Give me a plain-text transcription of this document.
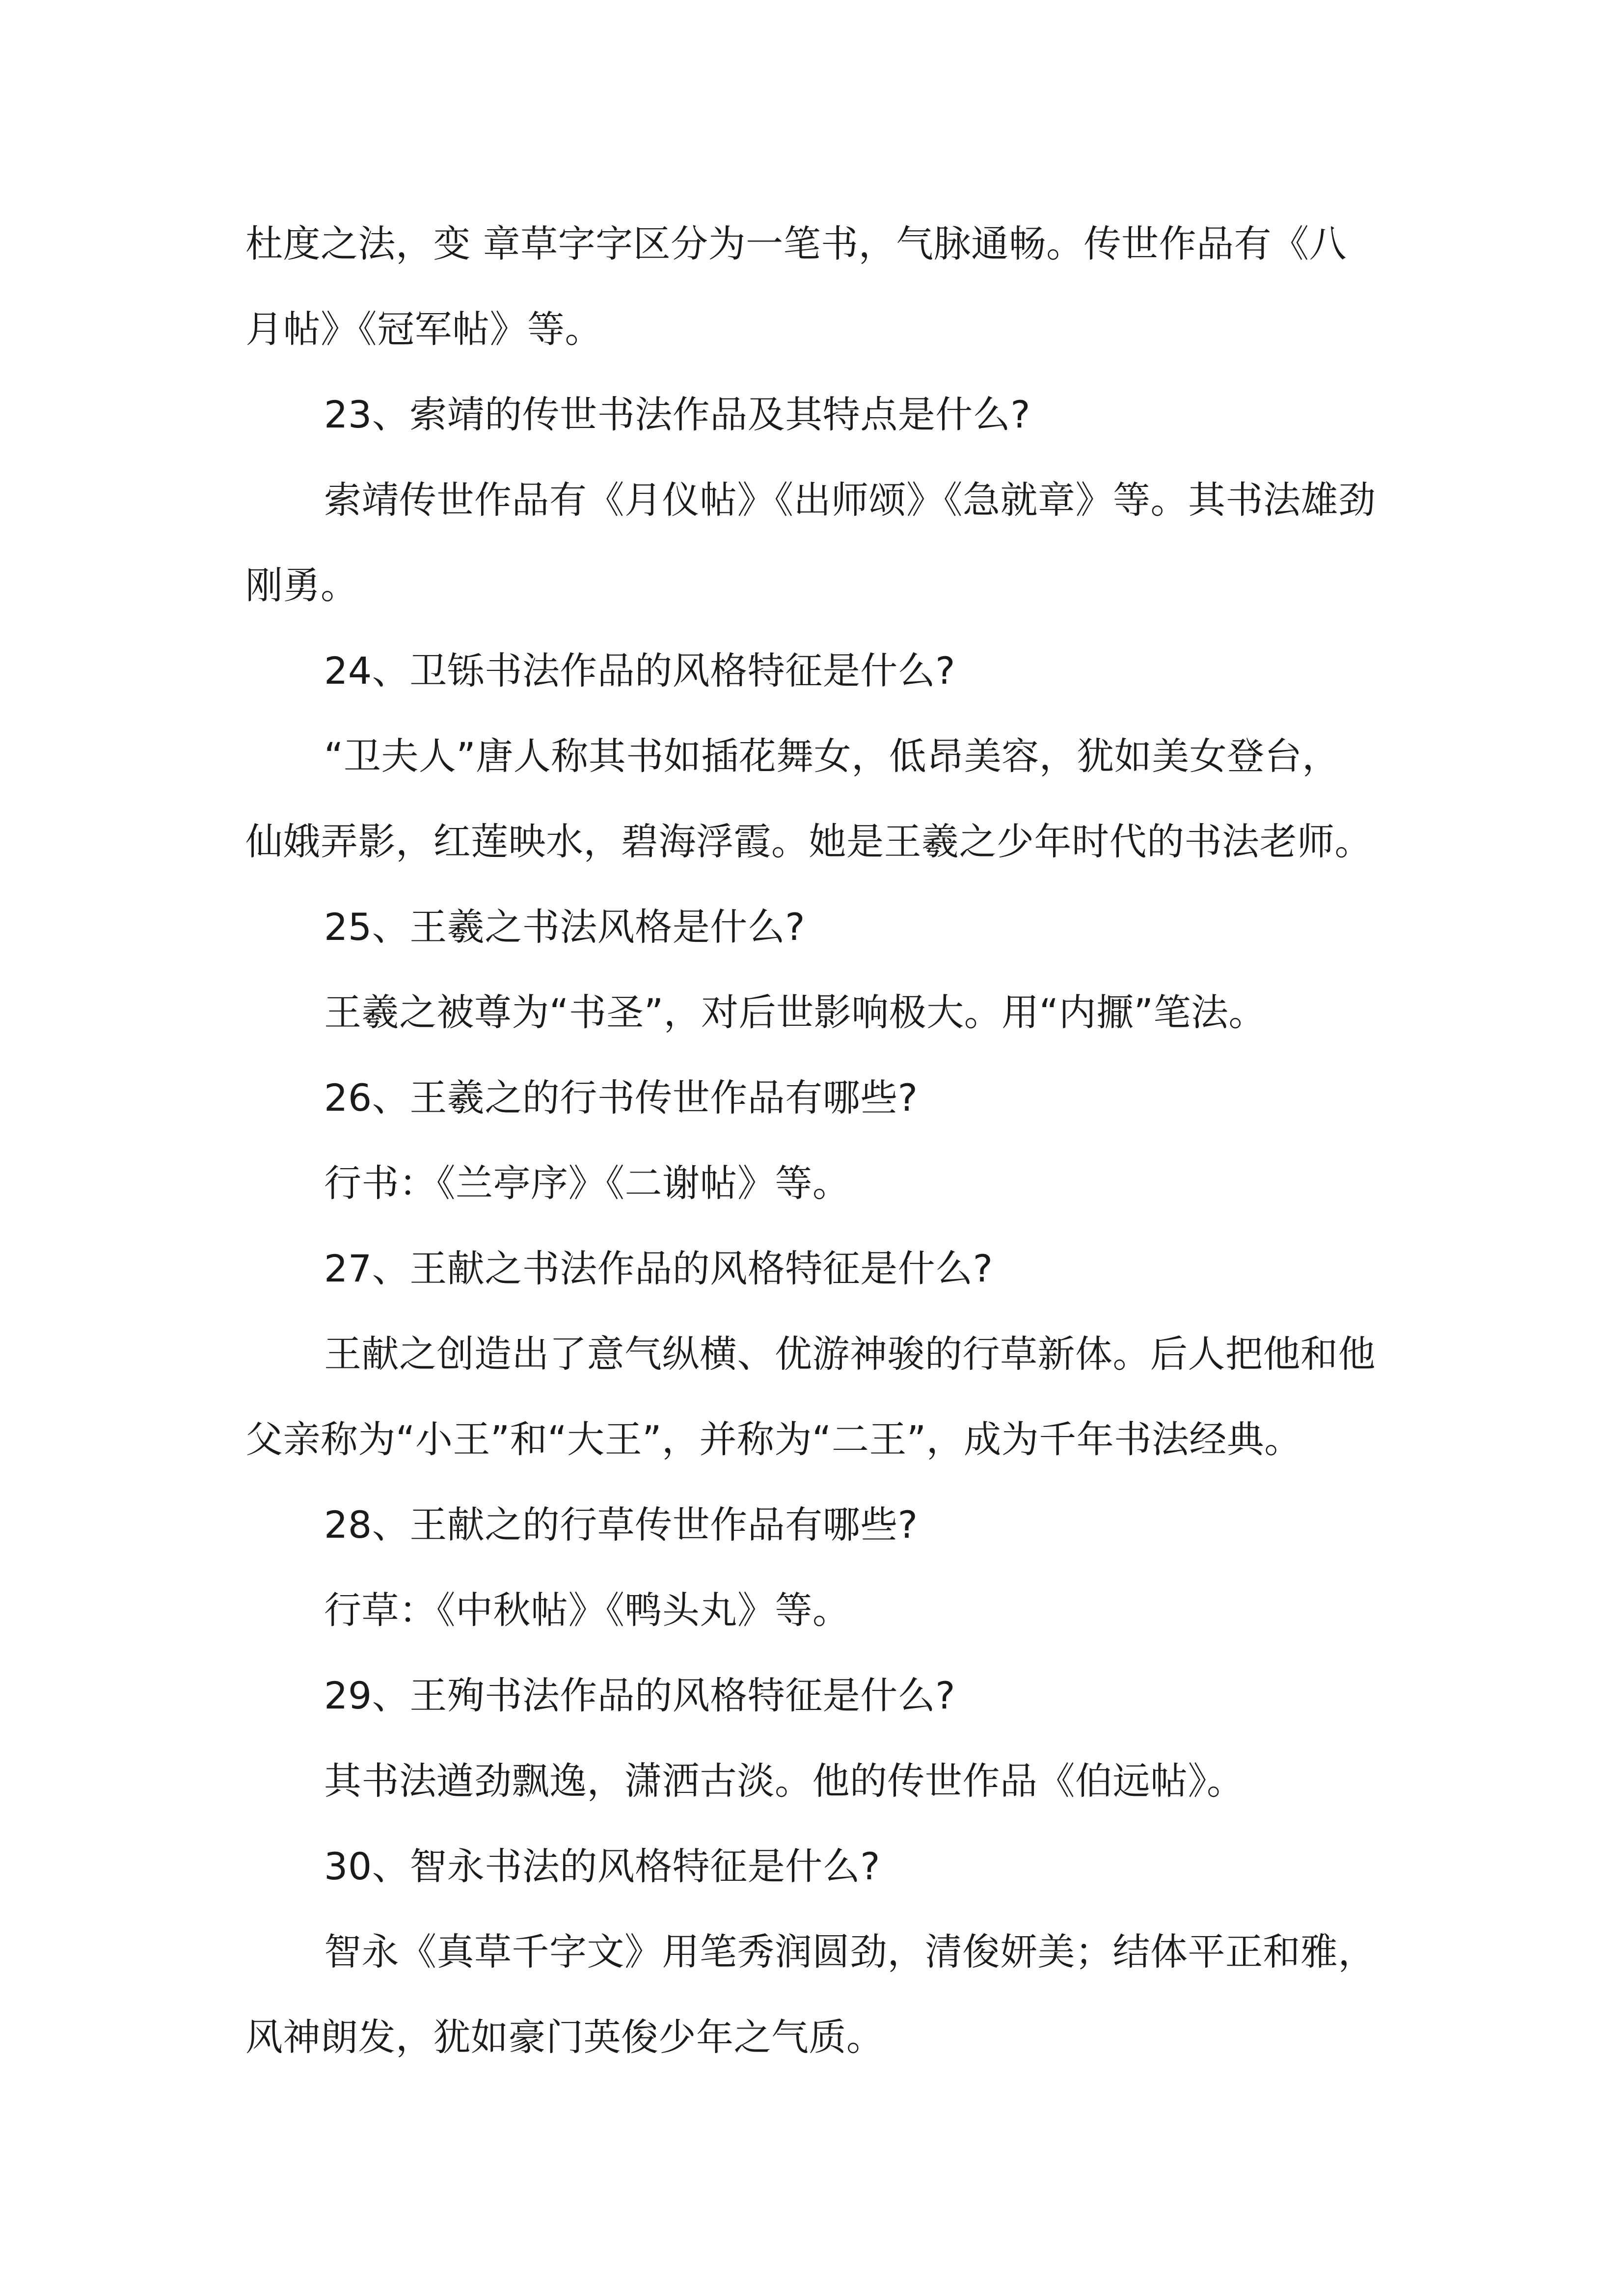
杜度之法，变 章草字字区分为一笔书，气脉通畅。传世作品有《八
月帖》《冠军帖》等。

23、索靖的传世书法作品及其特点是什么?

索靖传世作品有《月仪帖》《出师颂》《急就章》等。其书法雄劲
刚勇。

24、卫铄书法作品的风格特征是什么?

“卫夫人”唐人称其书如插花舞女，低昂美容，犹如美女登台，
仙娥弄影，红莲映水，碧海浮霞。她是王羲之少年时代的书法老师。

25、王羲之书法风格是什么?

王羲之被尊为“书圣”，对后世影响极大。用“内擫”笔法。

26、王羲之的行书传世作品有哪些?

行书：《兰亭序》《二谢帖》等。

27、王献之书法作品的风格特征是什么?

王献之创造出了意气纵横、优游神骏的行草新体。后人把他和他
父亲称为“小王”和“大王”，并称为“二王”，成为千年书法经典。

28、王献之的行草传世作品有哪些?

行草：《中秋帖》《鸭头丸》等。

29、王殉书法作品的风格特征是什么?

其书法遒劲飘逸，潇洒古淡。他的传世作品《伯远帖》。

30、智永书法的风格特征是什么?

智永《真草千字文》用笔秀润圆劲，清俊妍美；结体平正和雅，
风神朗发，犹如豪门英俊少年之气质。
